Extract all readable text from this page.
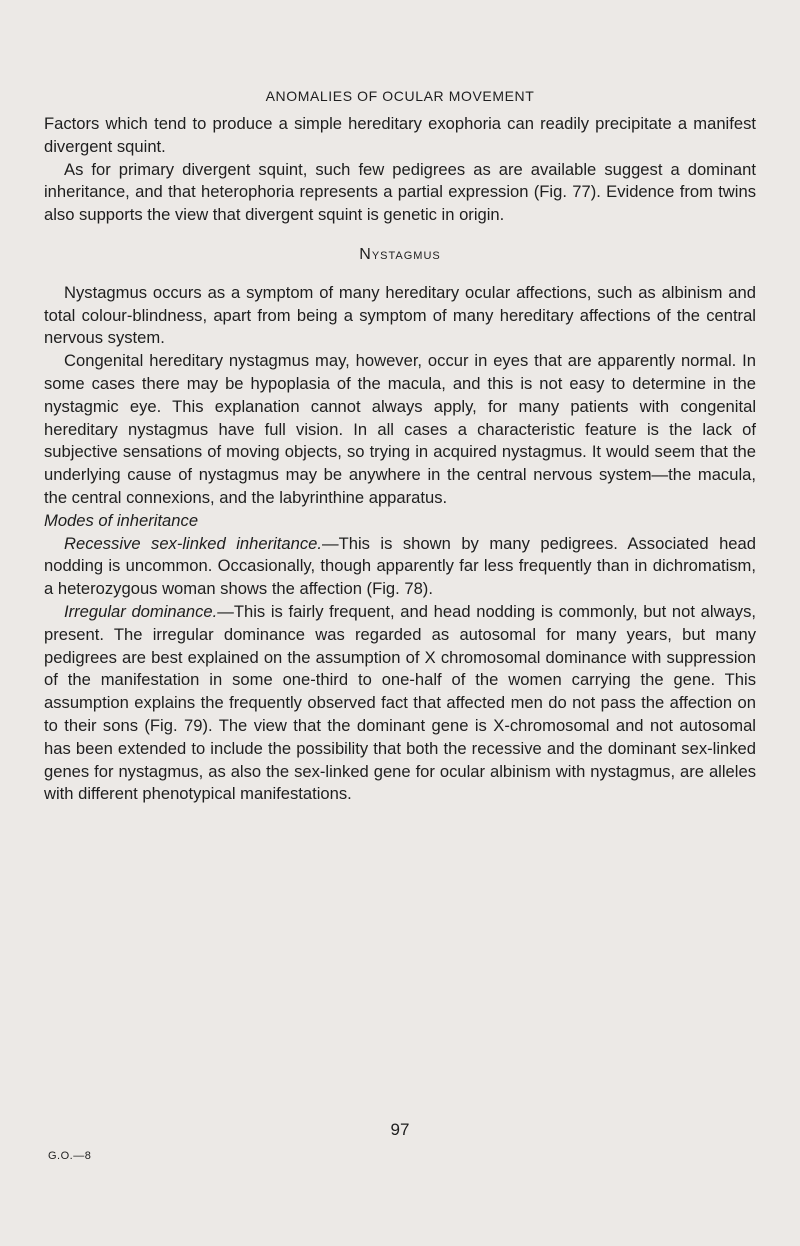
ANOMALIES OF OCULAR MOVEMENT

Factors which tend to produce a simple hereditary exophoria can readily precipitate a manifest divergent squint.

As for primary divergent squint, such few pedigrees as are available suggest a dominant inheritance, and that heterophoria represents a partial expression (Fig. 77). Evidence from twins also supports the view that divergent squint is genetic in origin.

Nystagmus

Nystagmus occurs as a symptom of many hereditary ocular affections, such as albinism and total colour-blindness, apart from being a symptom of many hereditary affections of the central nervous system.

Congenital hereditary nystagmus may, however, occur in eyes that are apparently normal. In some cases there may be hypoplasia of the macula, and this is not easy to determine in the nystagmic eye. This explanation cannot always apply, for many patients with congenital hereditary nystagmus have full vision. In all cases a characteristic feature is the lack of subjective sensations of moving objects, so trying in acquired nystagmus. It would seem that the underlying cause of nystagmus may be anywhere in the central nervous system—the macula, the central connexions, and the labyrinthine apparatus.

Modes of inheritance

Recessive sex-linked inheritance.—This is shown by many pedigrees. Associated head nodding is uncommon. Occasionally, though apparently far less frequently than in dichromatism, a heterozygous woman shows the affection (Fig. 78).

Irregular dominance.—This is fairly frequent, and head nodding is commonly, but not always, present. The irregular dominance was regarded as autosomal for many years, but many pedigrees are best explained on the assumption of X chromosomal dominance with suppression of the manifestation in some one-third to one-half of the women carrying the gene. This assumption explains the frequently observed fact that affected men do not pass the affection on to their sons (Fig. 79). The view that the dominant gene is X-chromosomal and not autosomal has been extended to include the possibility that both the recessive and the dominant sex-linked genes for nystagmus, as also the sex-linked gene for ocular albinism with nystagmus, are alleles with different phenotypical manifestations.

97
G.O.—8
